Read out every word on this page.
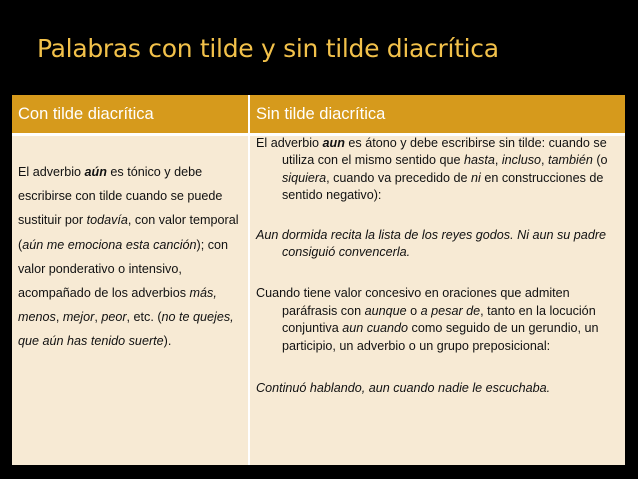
Palabras con tilde y sin tilde diacrítica
Con tilde diacrítica	Sin tilde diacrítica
El adverbio aún es tónico y debe escribirse con tilde cuando se puede sustituir por todavía, con valor temporal (aún me emociona esta canción); con valor ponderativo o intensivo, acompañado de los adverbios más, menos, mejor, peor, etc. (no te quejes, que aún has tenido suerte).

El adverbio aun es átono y debe escribirse sin tilde: cuando se utiliza con el mismo sentido que hasta, incluso, también (o siquiera, cuando va precedido de ni en construcciones de sentido negativo):

Aun dormida recita la lista de los reyes godos. Ni aun su padre consiguió convencerla.

Cuando tiene valor concesivo en oraciones que admiten paráfrasis con aunque o a pesar de, tanto en la locución conjuntiva aun cuando como seguido de un gerundio, un participio, un adverbio o un grupo preposicional:

Continuó hablando, aun cuando nadie le escuchaba.
